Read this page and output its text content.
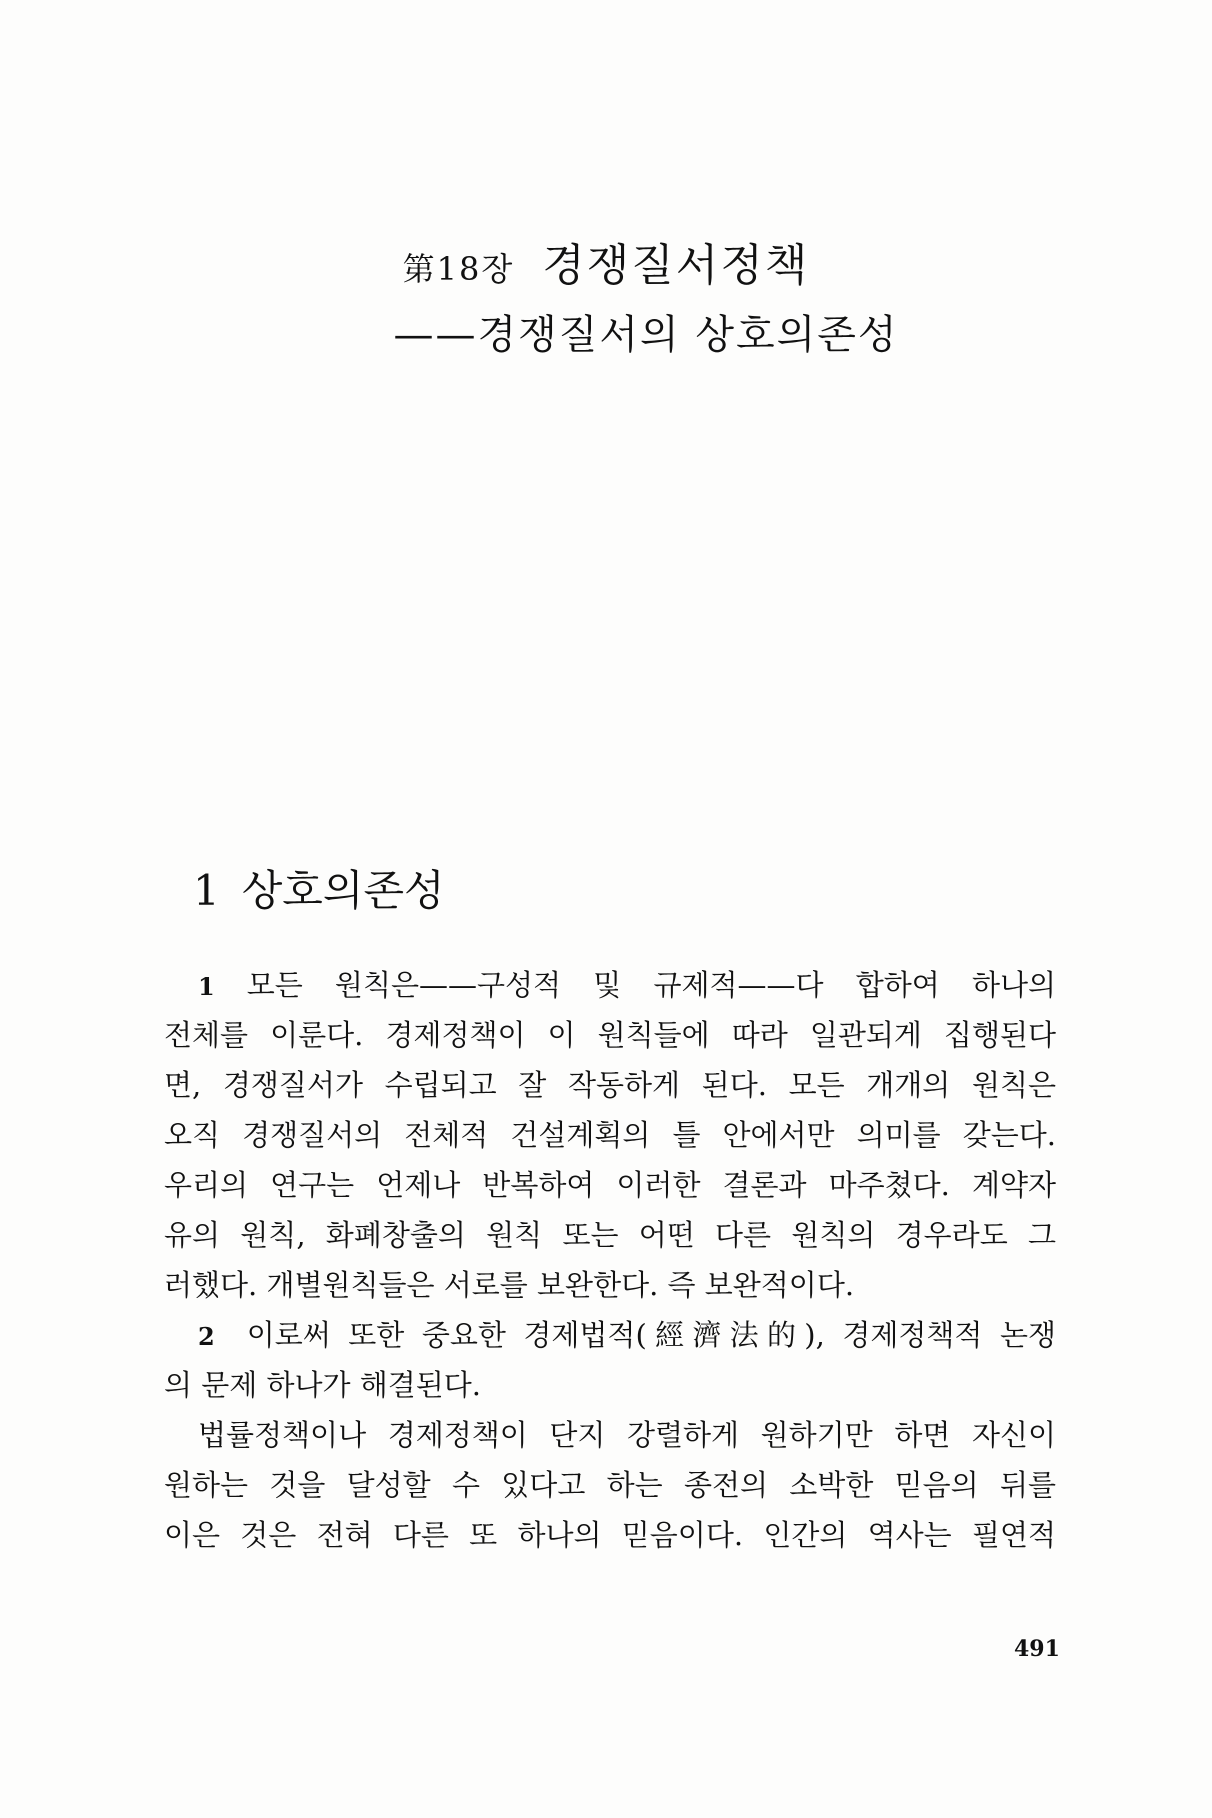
第18장 경쟁질서정책
——경쟁질서의 상호의존성
1 상호의존성
1 모든 원칙은——구성적 및 규제적——다 합하여 하나의
전체를 이룬다. 경제정책이 이 원칙들에 따라 일관되게 집행된다
면, 경쟁질서가 수립되고 잘 작동하게 된다. 모든 개개의 원칙은
오직 경쟁질서의 전체적 건설계획의 틀 안에서만 의미를 갖는다.
우리의 연구는 언제나 반복하여 이러한 결론과 마주쳤다. 계약자
유의 원칙, 화폐창출의 원칙 또는 어떤 다른 원칙의 경우라도 그
러했다. 개별원칙들은 서로를 보완한다. 즉 보완적이다.
2 이로써 또한 중요한 경제법적(經濟法的), 경제정책적 논쟁
의 문제 하나가 해결된다.
법률정책이나 경제정책이 단지 강렬하게 원하기만 하면 자신이
원하는 것을 달성할 수 있다고 하는 종전의 소박한 믿음의 뒤를
이은 것은 전혀 다른 또 하나의 믿음이다. 인간의 역사는 필연적
491
